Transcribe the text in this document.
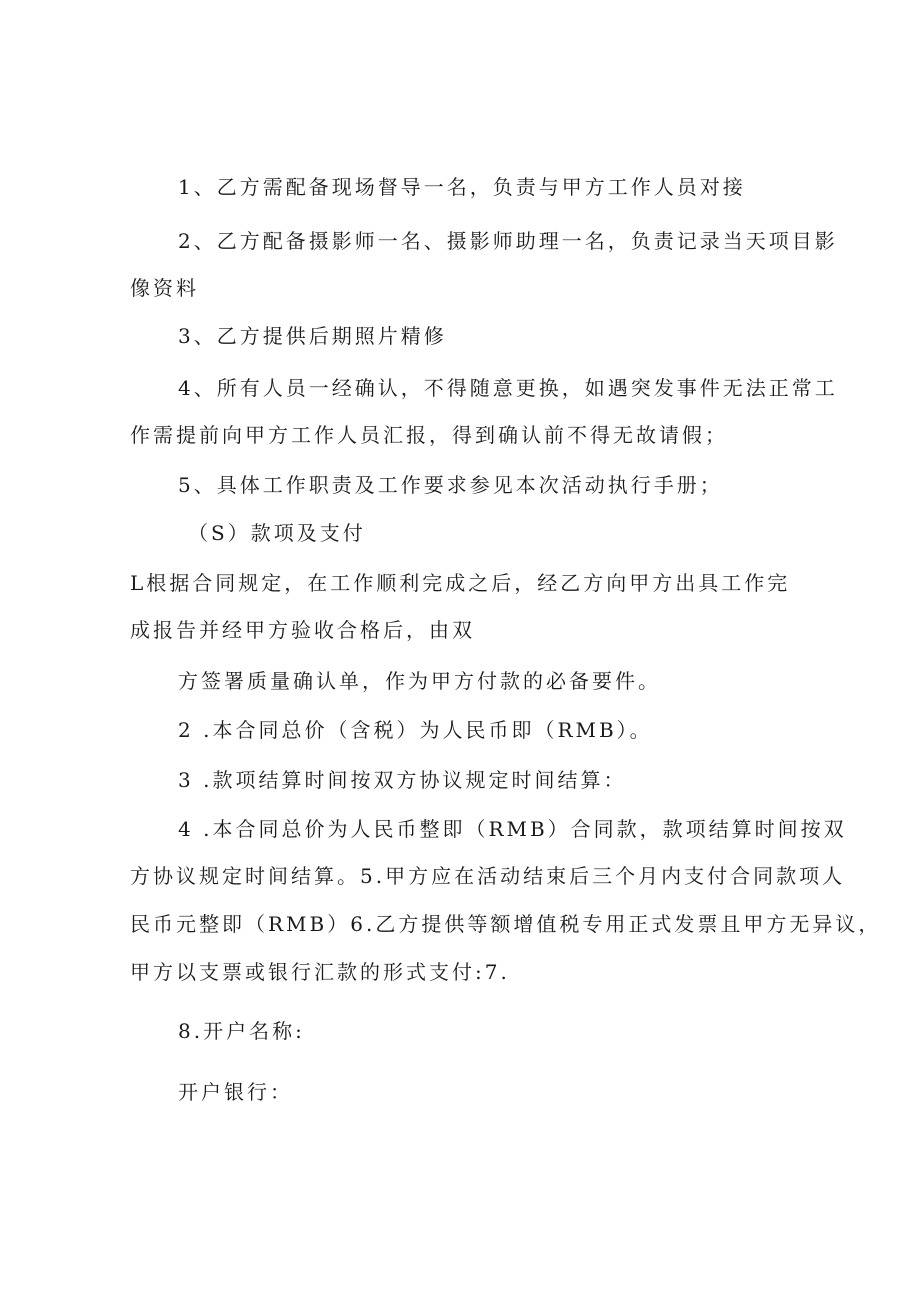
1、乙方需配备现场督导一名，负责与甲方工作人员对接
2、乙方配备摄影师一名、摄影师助理一名，负责记录当天项目影
像资料
3、乙方提供后期照片精修
4、所有人员一经确认，不得随意更换，如遇突发事件无法正常工
作需提前向甲方工作人员汇报，得到确认前不得无故请假；
5、具体工作职责及工作要求参见本次活动执行手册；
（S）款项及支付
L根据合同规定，在工作顺利完成之后，经乙方向甲方出具工作完
成报告并经甲方验收合格后，由双
方签署质量确认单，作为甲方付款的必备要件。
2 .本合同总价（含税）为人民币即（RMB）。
3 .款项结算时间按双方协议规定时间结算：
4 .本合同总价为人民币整即（RMB）合同款，款项结算时间按双
方协议规定时间结算。5.甲方应在活动结束后三个月内支付合同款项人
民币元整即（RMB）6.乙方提供等额增值税专用正式发票且甲方无异议，
甲方以支票或银行汇款的形式支付:7.
8.开户名称:
开户银行：
